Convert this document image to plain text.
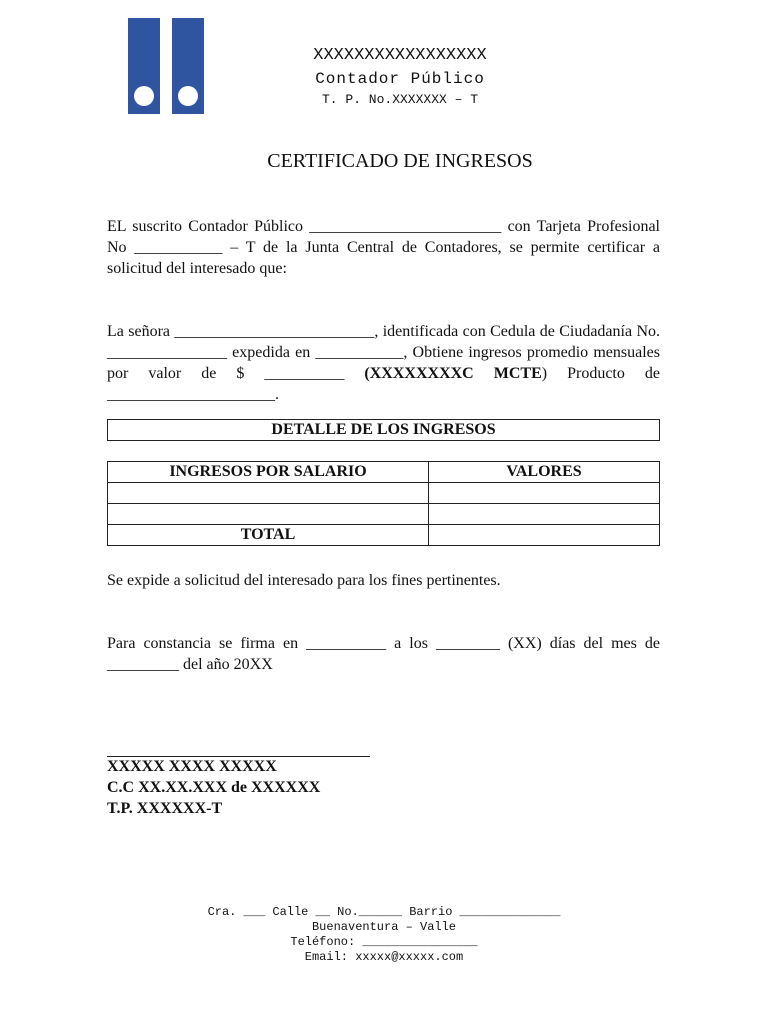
XXXXXXXXXXXXXXXXX
Contador Público
T. P. No.XXXXXXX – T
CERTIFICADO DE INGRESOS

EL suscrito Contador Público ________________________ con Tarjeta Profesional No ___________ – T de la Junta Central de Contadores, se permite certificar a solicitud del interesado que:

La señora _________________________, identificada con Cedula de Ciudadanía No. _______________ expedida en ___________, Obtiene ingresos promedio mensuales por valor de $ __________ (XXXXXXXXC MCTE) Producto de _____________________.

DETALLE DE LOS INGRESOS
INGRESOS POR SALARIO	VALORES

TOTAL	

Se expide a solicitud del interesado para los fines pertinentes.

Para constancia se firma en __________ a los ________ (XX) días del mes de _________ del año 20XX

XXXXX XXXX XXXXX
C.C XX.XX.XXX de XXXXXX
T.P. XXXXXX-T
Cra. ___ Calle __ No.______ Barrio ______________
Buenaventura – Valle
Teléfono: ________________
Email: xxxxx@xxxxx.com
